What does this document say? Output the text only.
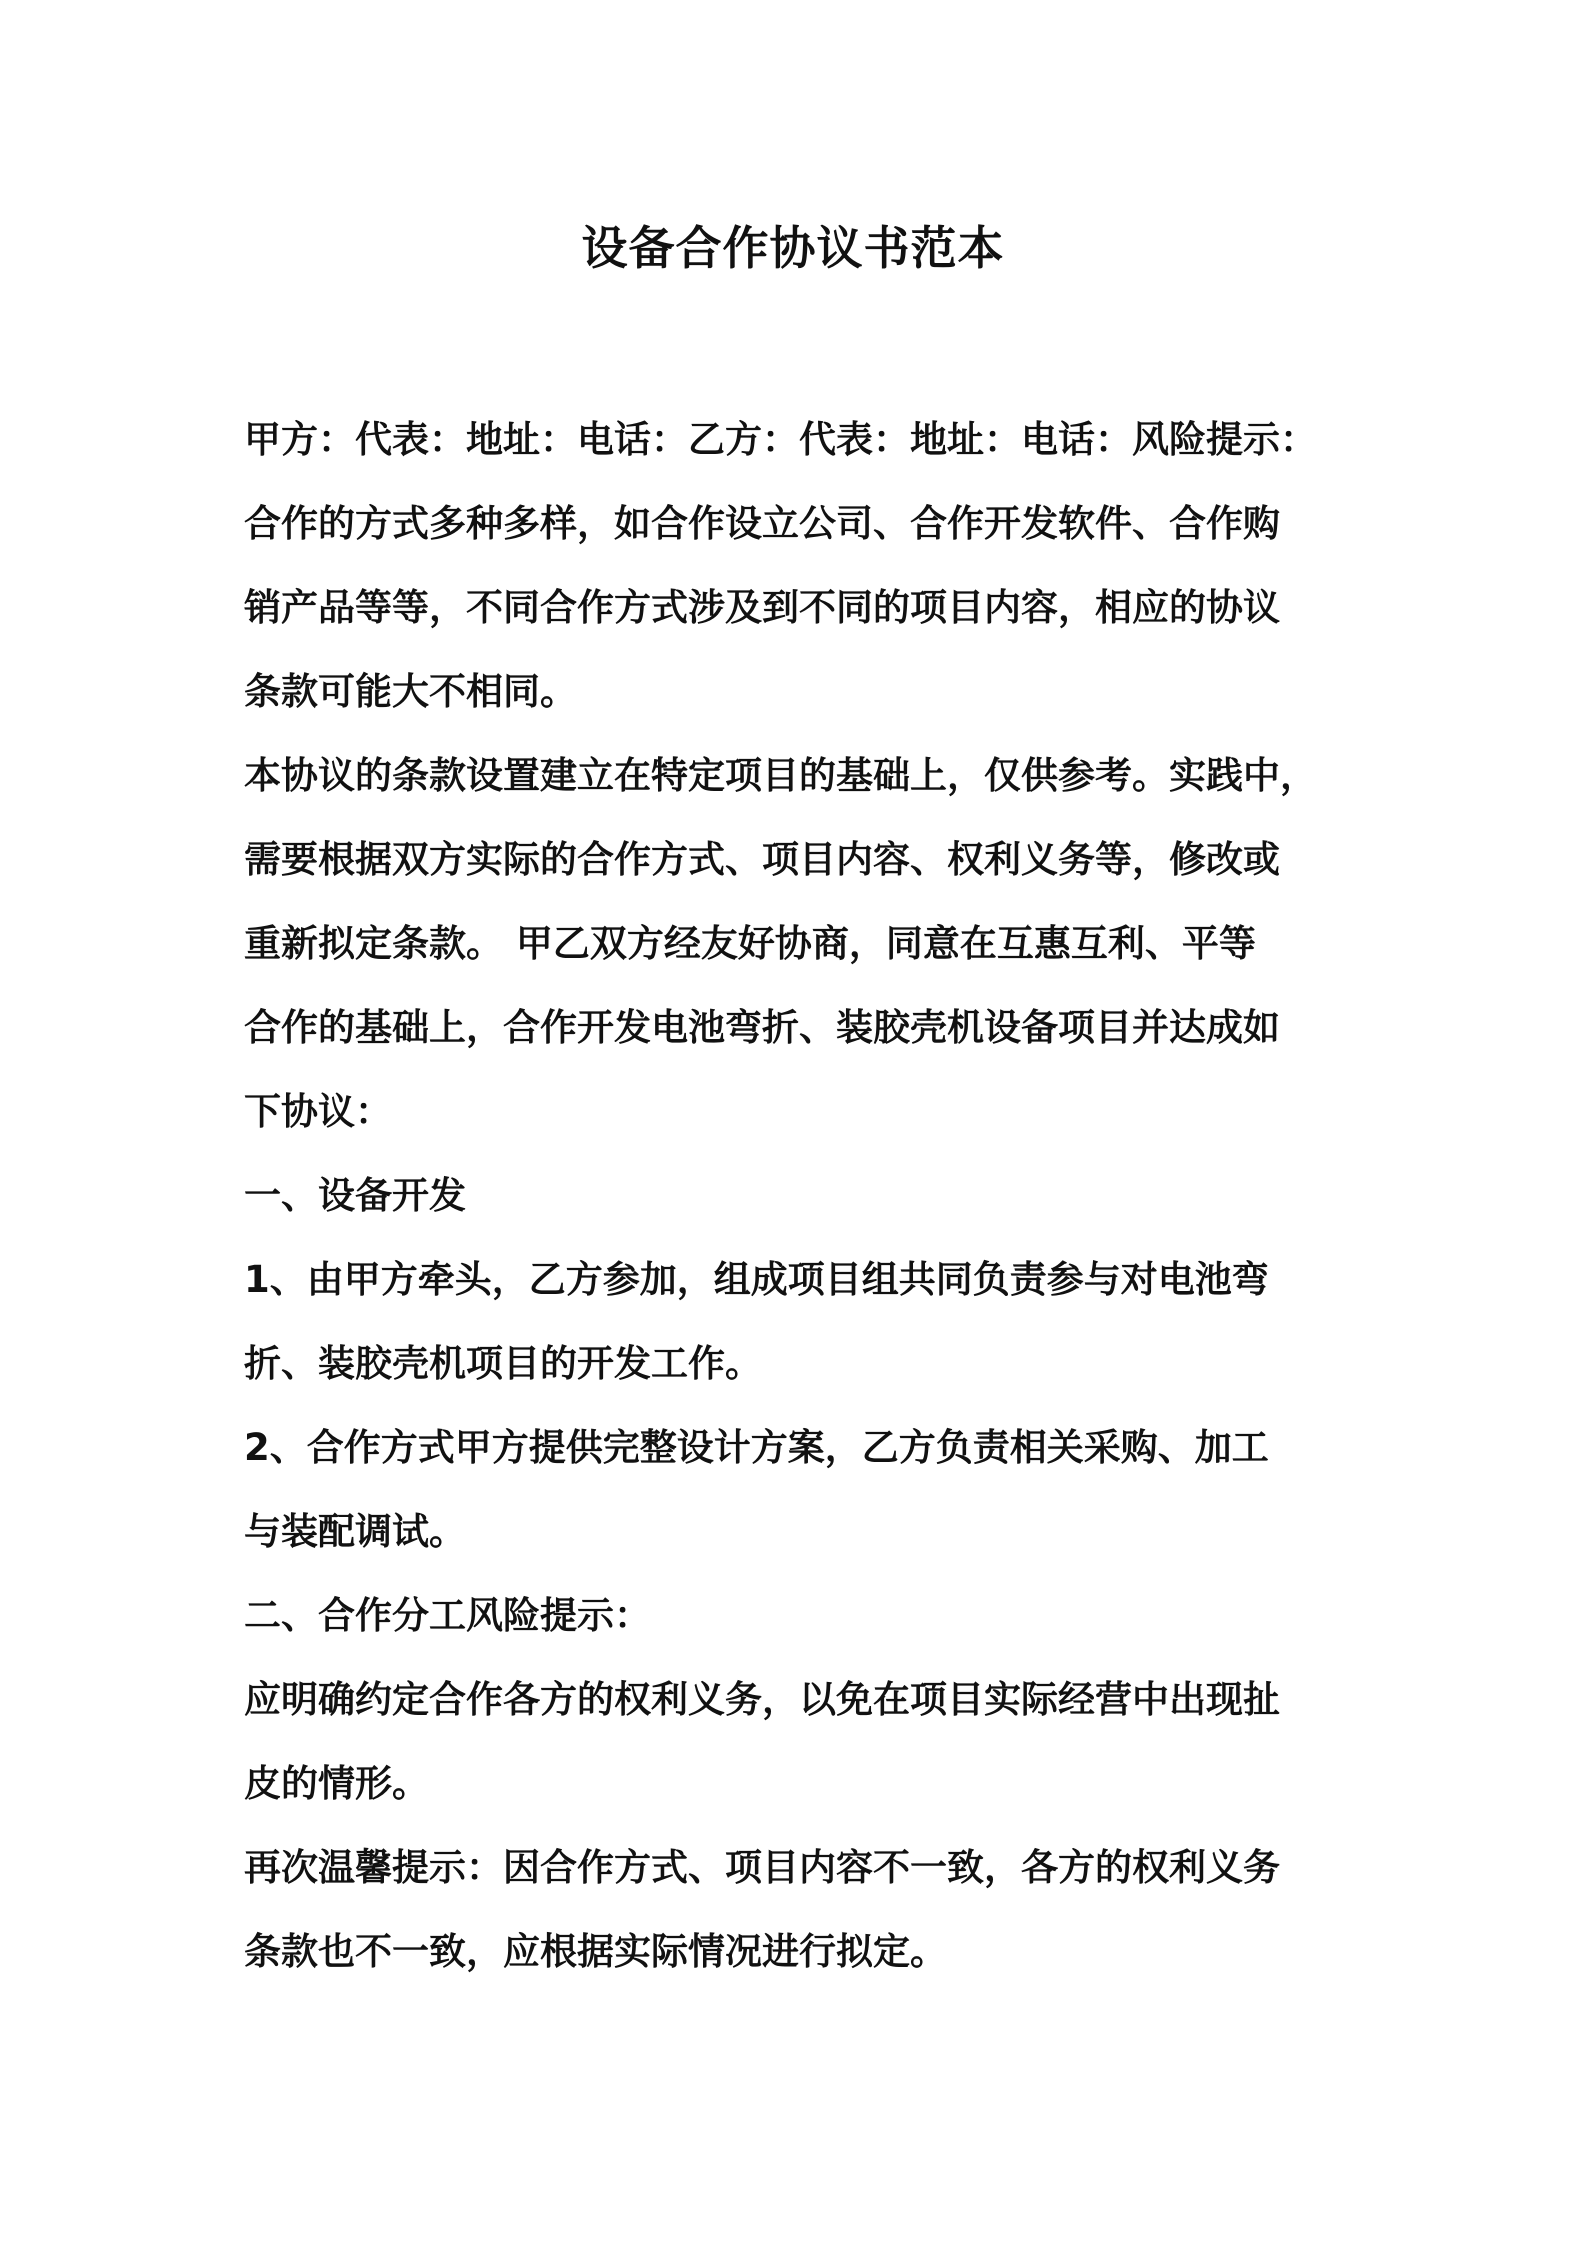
设备合作协议书范本
甲方：代表：地址：电话：乙方：代表：地址：电话：风险提示：
合作的方式多种多样，如合作设立公司、合作开发软件、合作购
销产品等等，不同合作方式涉及到不同的项目内容，相应的协议
条款可能大不相同。
本协议的条款设置建立在特定项目的基础上，仅供参考。实践中，
需要根据双方实际的合作方式、项目内容、权利义务等，修改或
重新拟定条款。 甲乙双方经友好协商，同意在互惠互利、平等
合作的基础上，合作开发电池弯折、装胶壳机设备项目并达成如
下协议：
一、设备开发
1、由甲方牵头，乙方参加，组成项目组共同负责参与对电池弯
折、装胶壳机项目的开发工作。
2、合作方式甲方提供完整设计方案，乙方负责相关采购、加工
与装配调试。
二、合作分工风险提示：
应明确约定合作各方的权利义务，以免在项目实际经营中出现扯
皮的情形。
再次温馨提示：因合作方式、项目内容不一致，各方的权利义务
条款也不一致，应根据实际情况进行拟定。
